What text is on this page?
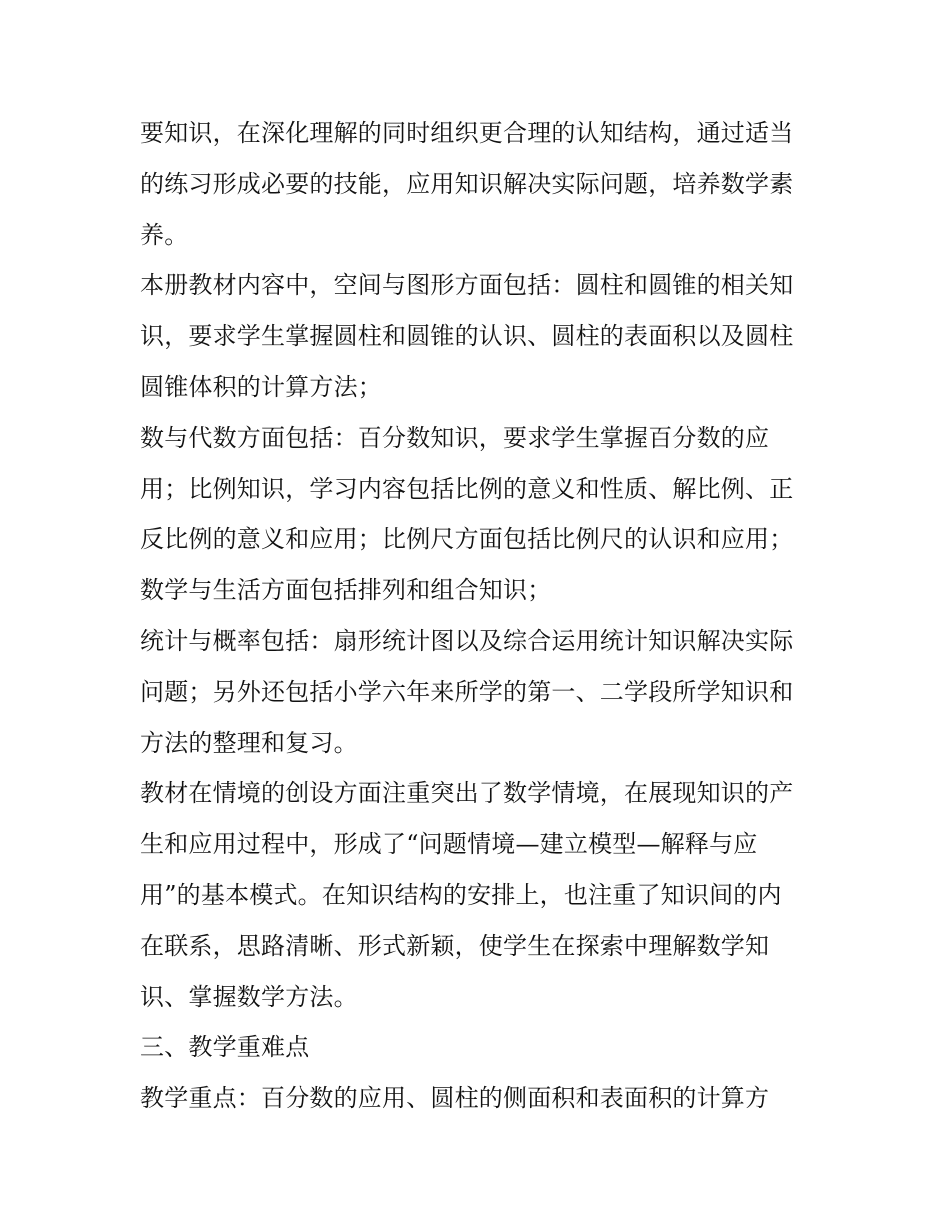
要知识，在深化理解的同时组织更合理的认知结构，通过适当
的练习形成必要的技能，应用知识解决实际问题，培养数学素
养。
本册教材内容中，空间与图形方面包括：圆柱和圆锥的相关知
识，要求学生掌握圆柱和圆锥的认识、圆柱的表面积以及圆柱
圆锥体积的计算方法；
数与代数方面包括：百分数知识，要求学生掌握百分数的应
用；比例知识，学习内容包括比例的意义和性质、解比例、正
反比例的意义和应用；比例尺方面包括比例尺的认识和应用；
数学与生活方面包括排列和组合知识；
统计与概率包括：扇形统计图以及综合运用统计知识解决实际
问题；另外还包括小学六年来所学的第一、二学段所学知识和
方法的整理和复习。
教材在情境的创设方面注重突出了数学情境，在展现知识的产
生和应用过程中，形成了“问题情境—建立模型—解释与应
用”的基本模式。在知识结构的安排上，也注重了知识间的内
在联系，思路清晰、形式新颖，使学生在探索中理解数学知
识、掌握数学方法。
三、教学重难点
教学重点：百分数的应用、圆柱的侧面积和表面积的计算方
